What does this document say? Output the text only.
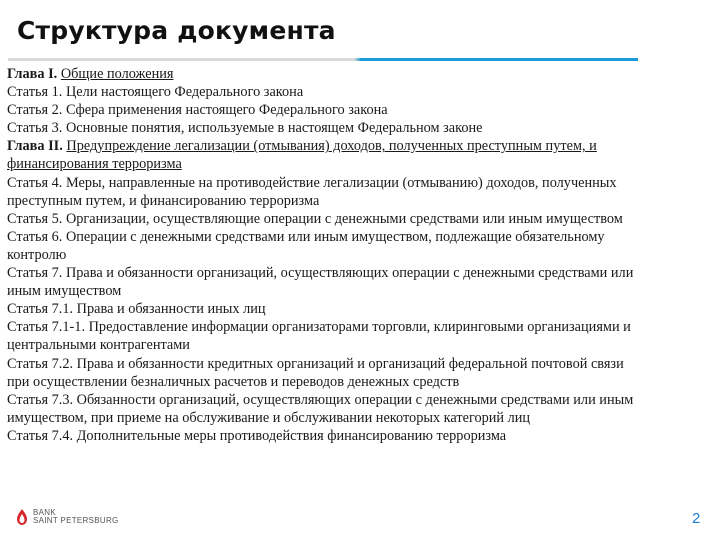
Структура документа

Глава I. Общие положения

Статья 1. Цели настоящего Федерального закона

Статья 2. Сфера применения настоящего Федерального закона

Статья 3. Основные понятия, используемые в настоящем Федеральном законе

Глава II. Предупреждение легализации (отмывания) доходов, полученных преступным путем, и

финансирования терроризма

Статья 4. Меры, направленные на противодействие легализации (отмыванию) доходов, полученных

преступным путем, и финансированию терроризма

Статья 5. Организации, осуществляющие операции с денежными средствами или иным имуществом

Статья 6. Операции с денежными средствами или иным имуществом, подлежащие обязательному

контролю

Статья 7. Права и обязанности организаций, осуществляющих операции с денежными средствами или

иным имуществом

Статья 7.1. Права и обязанности иных лиц

Статья 7.1-1. Предоставление информации организаторами торговли, клиринговыми организациями и

центральными контрагентами

Статья 7.2. Права и обязанности кредитных организаций и организаций федеральной почтовой связи

при осуществлении безналичных расчетов и переводов денежных средств

Статья 7.3. Обязанности организаций, осуществляющих операции с денежными средствами или иным

имуществом, при приеме на обслуживание и обслуживании некоторых категорий лиц

Статья 7.4. Дополнительные меры противодействия финансированию терроризма

BANK
SAINT PETERSBURG	2
